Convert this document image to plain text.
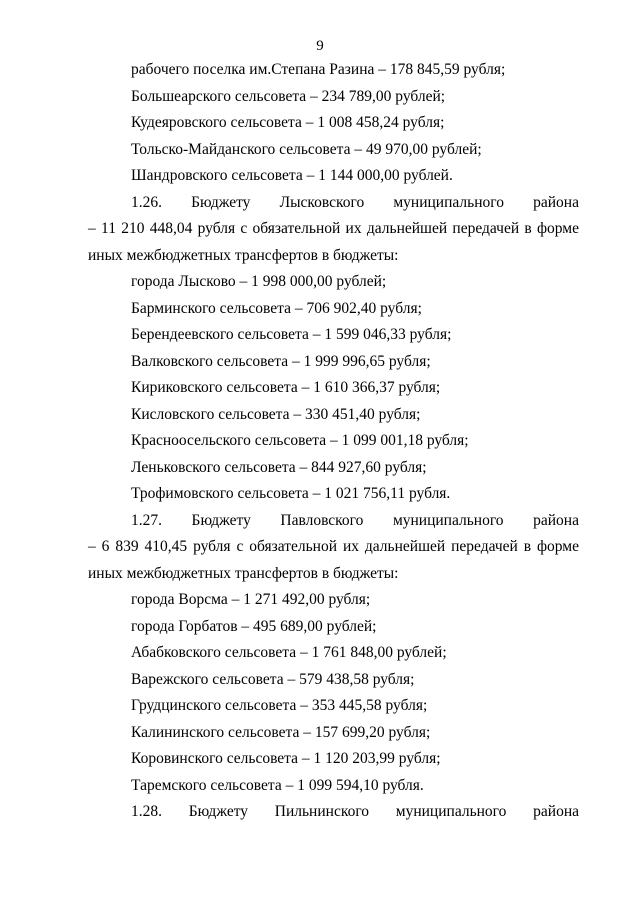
9
рабочего поселка им.Степана Разина – 178 845,59 рубля;
Большеарского сельсовета – 234 789,00 рублей;
Кудеяровского сельсовета – 1 008 458,24 рубля;
Тольско-Майданского сельсовета – 49 970,00 рублей;
Шандровского сельсовета – 1 144 000,00 рублей.
1.26. Бюджету Лысковского муниципального района
– 11 210 448,04 рубля с обязательной их дальнейшей передачей в форме
иных межбюджетных трансфертов в бюджеты:
города Лысково – 1 998 000,00 рублей;
Барминского сельсовета – 706 902,40 рубля;
Берендеевского сельсовета – 1 599 046,33 рубля;
Валковского сельсовета – 1 999 996,65 рубля;
Кириковского сельсовета – 1 610 366,37 рубля;
Кисловского сельсовета – 330 451,40 рубля;
Красноосельского сельсовета – 1 099 001,18 рубля;
Леньковского сельсовета – 844 927,60 рубля;
Трофимовского сельсовета – 1 021 756,11 рубля.
1.27. Бюджету Павловского муниципального района
– 6 839 410,45 рубля с обязательной их дальнейшей передачей в форме
иных межбюджетных трансфертов в бюджеты:
города Ворсма – 1 271 492,00 рубля;
города Горбатов – 495 689,00 рублей;
Абабковского сельсовета – 1 761 848,00 рублей;
Варежского сельсовета – 579 438,58 рубля;
Грудцинского сельсовета – 353 445,58 рубля;
Калининского сельсовета – 157 699,20 рубля;
Коровинского сельсовета – 1 120 203,99 рубля;
Таремского сельсовета – 1 099 594,10 рубля.
1.28. Бюджету Пильнинского муниципального района
